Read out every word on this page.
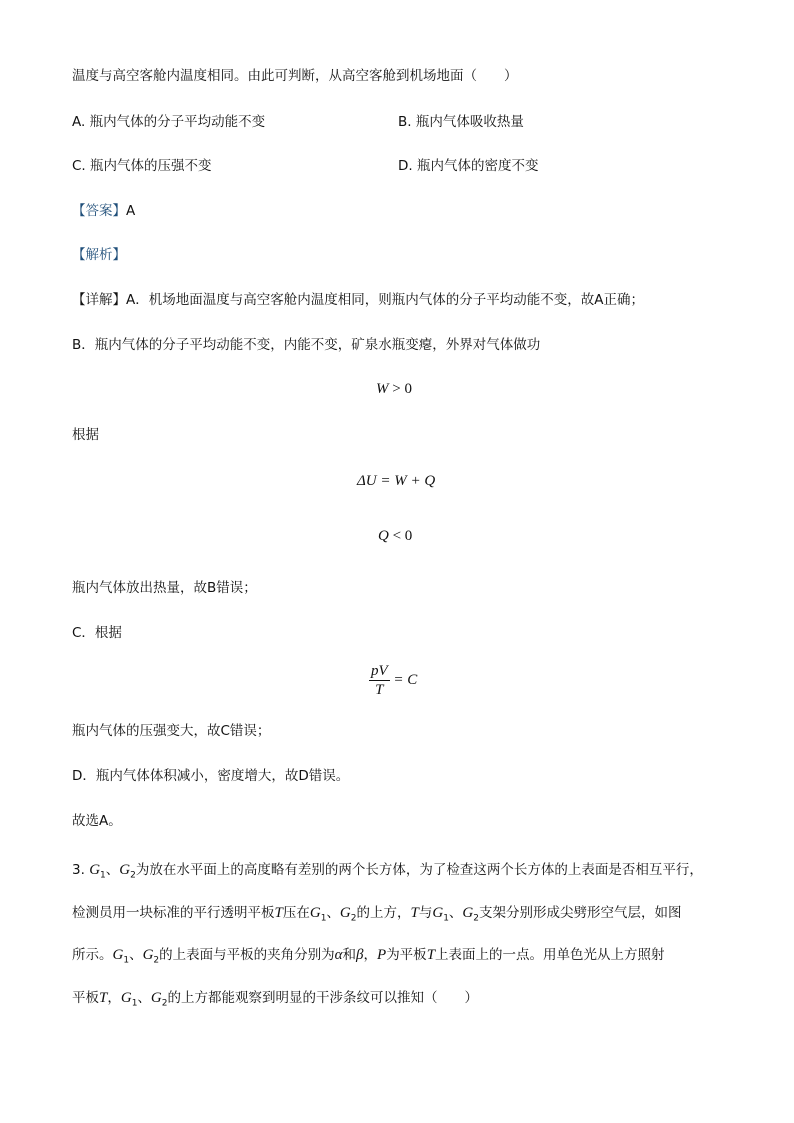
温度与高空客舱内温度相同。由此可判断，从高空客舱到机场地面（　　）
A. 瓶内气体的分子平均动能不变	B. 瓶内气体吸收热量
C. 瓶内气体的压强不变	D. 瓶内气体的密度不变
【答案】A
【解析】
【详解】A．机场地面温度与高空客舱内温度相同，则瓶内气体的分子平均动能不变，故A正确；
B．瓶内气体的分子平均动能不变，内能不变，矿泉水瓶变瘪，外界对气体做功
W > 0
根据
ΔU = W + Q
Q < 0
瓶内气体放出热量，故B错误；
C．根据
$\frac{pV}{T} = C$
瓶内气体的压强变大，故C错误；
D．瓶内气体体积减小，密度增大，故D错误。
故选A。
3. $G_1$、$G_2$为放在水平面上的高度略有差别的两个长方体，为了检查这两个长方体的上表面是否相互平行，
检测员用一块标准的平行透明平板T压在$G_1$、$G_2$的上方，T与$G_1$、$G_2$支架分别形成尖劈形空气层，如图
所示。$G_1$、$G_2$的上表面与平板的夹角分别为α和β，P为平板T上表面上的一点。用单色光从上方照射
平板T，$G_1$、$G_2$的上方都能观察到明显的干涉条纹可以推知（　　）
